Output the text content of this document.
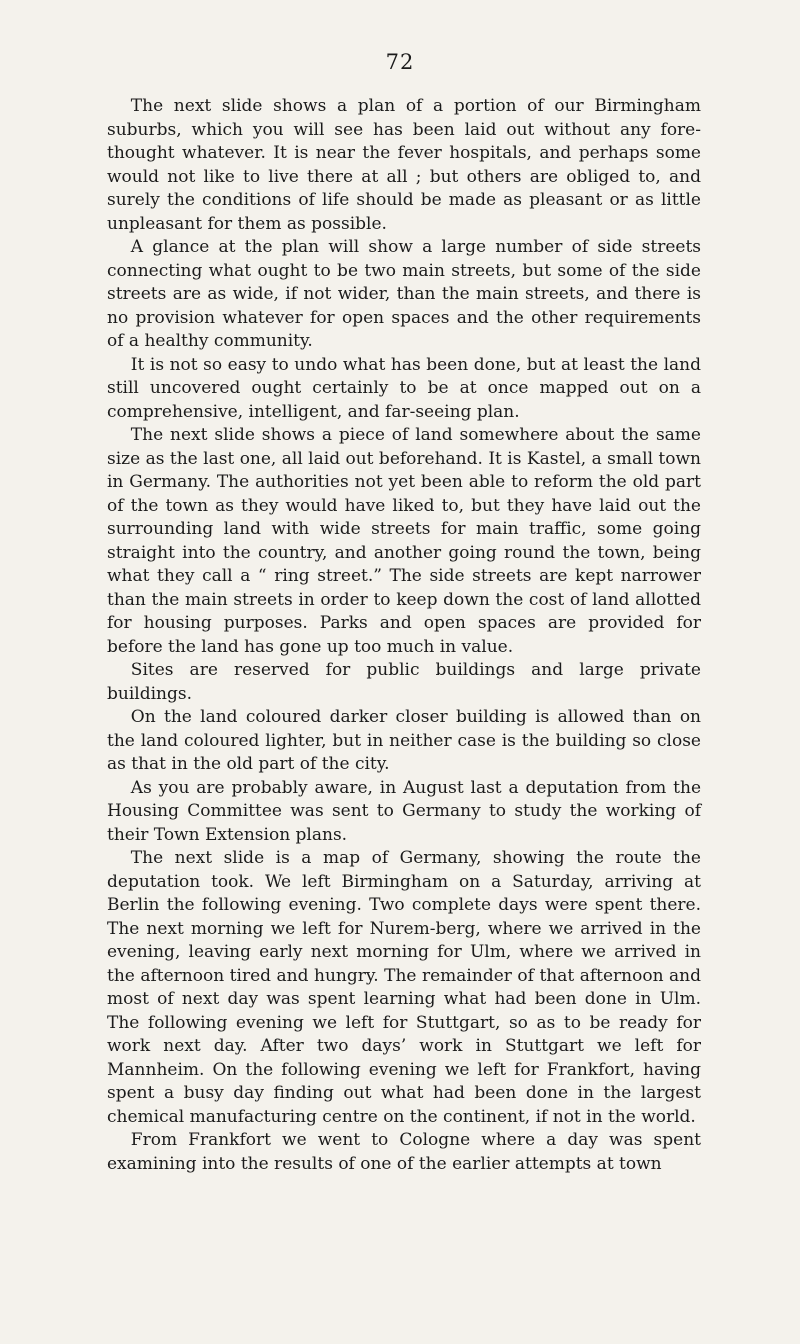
72

The next slide shows a plan of a portion of our Birmingham suburbs, which you will see has been laid out without any fore-thought whatever. It is near the fever hospitals, and perhaps some would not like to live there at all ; but others are obliged to, and surely the conditions of life should be made as pleasant or as little unpleasant for them as possible.

A glance at the plan will show a large number of side streets connecting what ought to be two main streets, but some of the side streets are as wide, if not wider, than the main streets, and there is no provision whatever for open spaces and the other requirements of a healthy community.

It is not so easy to undo what has been done, but at least the land still uncovered ought certainly to be at once mapped out on a comprehensive, intelligent, and far-seeing plan.

The next slide shows a piece of land somewhere about the same size as the last one, all laid out beforehand. It is Kastel, a small town in Germany. The authorities not yet been able to reform the old part of the town as they would have liked to, but they have laid out the surrounding land with wide streets for main traffic, some going straight into the country, and another going round the town, being what they call a “ ring street.” The side streets are kept narrower than the main streets in order to keep down the cost of land allotted for housing purposes. Parks and open spaces are provided for before the land has gone up too much in value.

Sites are reserved for public buildings and large private buildings.

On the land coloured darker closer building is allowed than on the land coloured lighter, but in neither case is the building so close as that in the old part of the city.

As you are probably aware, in August last a deputation from the Housing Committee was sent to Germany to study the working of their Town Extension plans.

The next slide is a map of Germany, showing the route the deputation took. We left Birmingham on a Saturday, arriving at Berlin the following evening. Two complete days were spent there. The next morning we left for Nurem-berg, where we arrived in the evening, leaving early next morning for Ulm, where we arrived in the afternoon tired and hungry. The remainder of that afternoon and most of next day was spent learning what had been done in Ulm. The following evening we left for Stuttgart, so as to be ready for work next day. After two days’ work in Stuttgart we left for Mannheim. On the following evening we left for Frankfort, having spent a busy day finding out what had been done in the largest chemical manufacturing centre on the continent, if not in the world.

From Frankfort we went to Cologne where a day was spent examining into the results of one of the earlier attempts at town
